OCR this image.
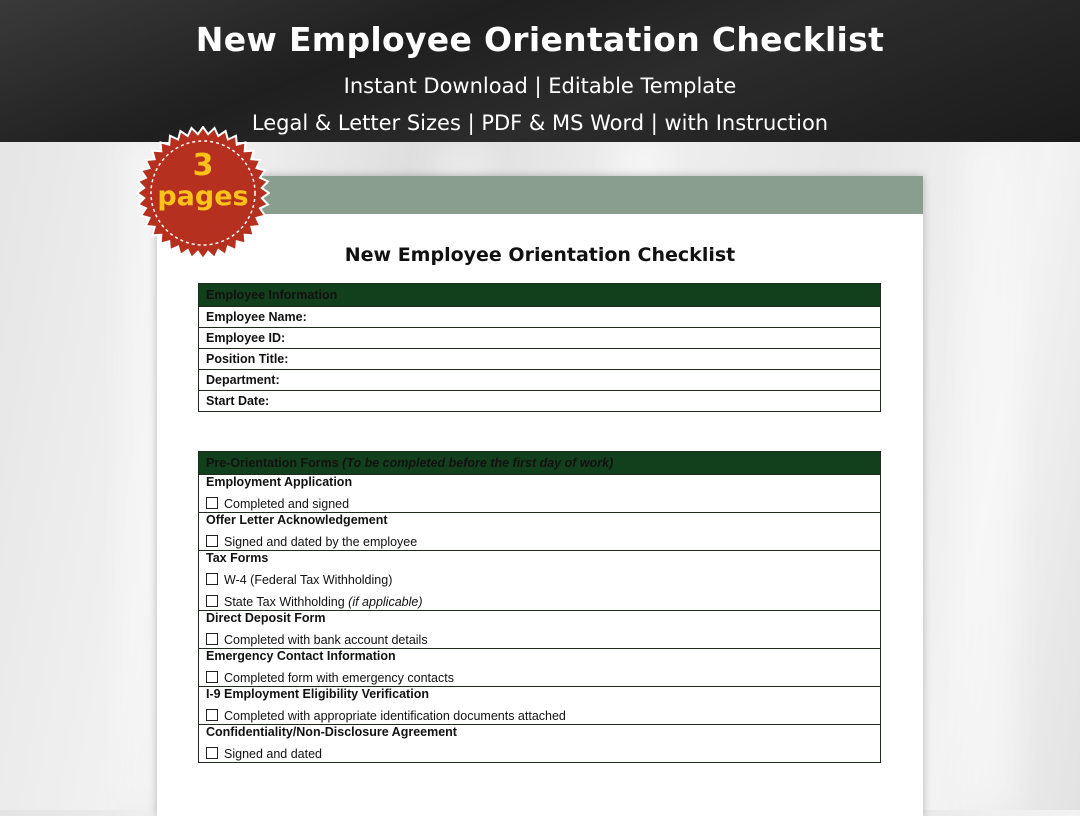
New Employee Orientation Checklist
Instant Download | Editable Template
Legal & Letter Sizes | PDF & MS Word | with Instruction
New Employee Orientation Checklist
Employee Information
Employee Name:
Employee ID:
Position Title:
Department:
Start Date:
Pre-Orientation Forms (To be completed before the first day of work)

Employment Application
Completed and signed

Offer Letter Acknowledgement
Signed and dated by the employee

Tax Forms
W-4 (Federal Tax Withholding)
State Tax Withholding (if applicable)

Direct Deposit Form
Completed with bank account details

Emergency Contact Information
Completed form with emergency contacts

I-9 Employment Eligibility Verification
Completed with appropriate identification documents attached

Confidentiality/Non-Disclosure Agreement
Signed and dated
3
pages
